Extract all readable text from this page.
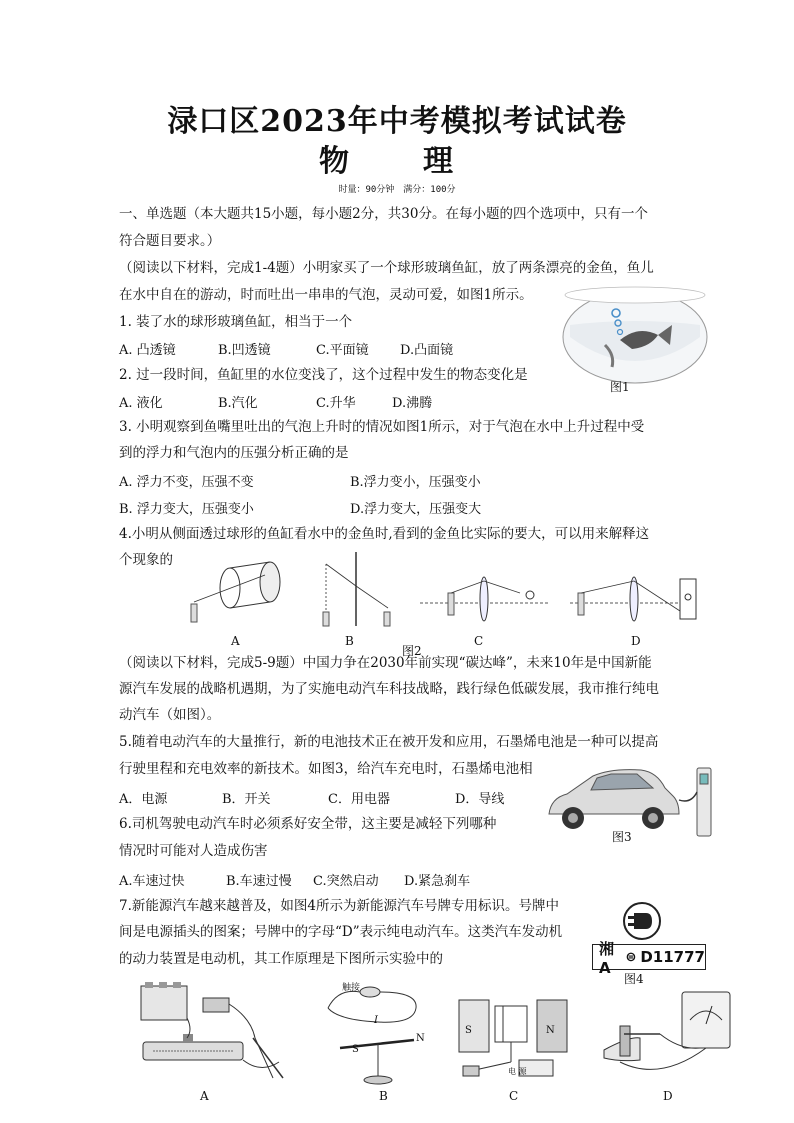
渌口区2023年中考模拟考试试卷
物　理
时量：90分钟　满分：100分
一、单选题（本大题共15小题，每小题2分，共30分。在每小题的四个选项中，只有一个
符合题目要求。）
（阅读以下材料，完成1-4题）小明家买了一个球形玻璃鱼缸，放了两条漂亮的金鱼，鱼儿
在水中自在的游动，时而吐出一串串的气泡，灵动可爱，如图1所示。
图1
1. 装了水的球形玻璃鱼缸，相当于一个
A. 凸透镜	B.凹透镜	C.平面镜 D.凸面镜
2. 过一段时间，鱼缸里的水位变浅了，这个过程中发生的物态变化是
A. 液化	B.汽化	C.升华	D.沸腾
3. 小明观察到鱼嘴里吐出的气泡上升时的情况如图1所示，对于气泡在水中上升过程中受
到的浮力和气泡内的压强分析正确的是
A. 浮力不变，压强不变	B.浮力变小，压强变小
B. 浮力变大，压强变小	D.浮力变大，压强变大
4.小明从侧面透过球形的鱼缸看水中的金鱼时,看到的金鱼比实际的要大，可以用来解释这
个现象的
A	B
图2
C	D
（阅读以下材料，完成5-9题）中国力争在2030年前实现“碳达峰”，未来10年是中国新能
源汽车发展的战略机遇期，为了实施电动汽车科技战略，践行绿色低碳发展，我市推行纯电
动汽车（如图）。
5.随着电动汽车的大量推行，新的电池技术正在被开发和应用，石墨烯电池是一种可以提高
行驶里程和充电效率的新技术。如图3，给汽车充电时，石墨烯电池相
A．电源	B．开关	C．用电器	D．导线
图3
6.司机驾驶电动汽车时必须系好安全带，这主要是减轻下列哪种
情况时可能对人造成伤害
A.车速过快	B.车速过慢 C.突然启动 D.紧急刹车
7.新能源汽车越来越普及，如图4所示为新能源汽车号牌专用标识。号牌中
间是电源插头的图案；号牌中的字母“D”表示纯电动汽车。这类汽车发动机
的动力装置是电动机，其工作原理是下图所示实验中的
湘A
⊜ D11777
图4
触接
I
S
N
S	N
电 源
A	B	C	D
